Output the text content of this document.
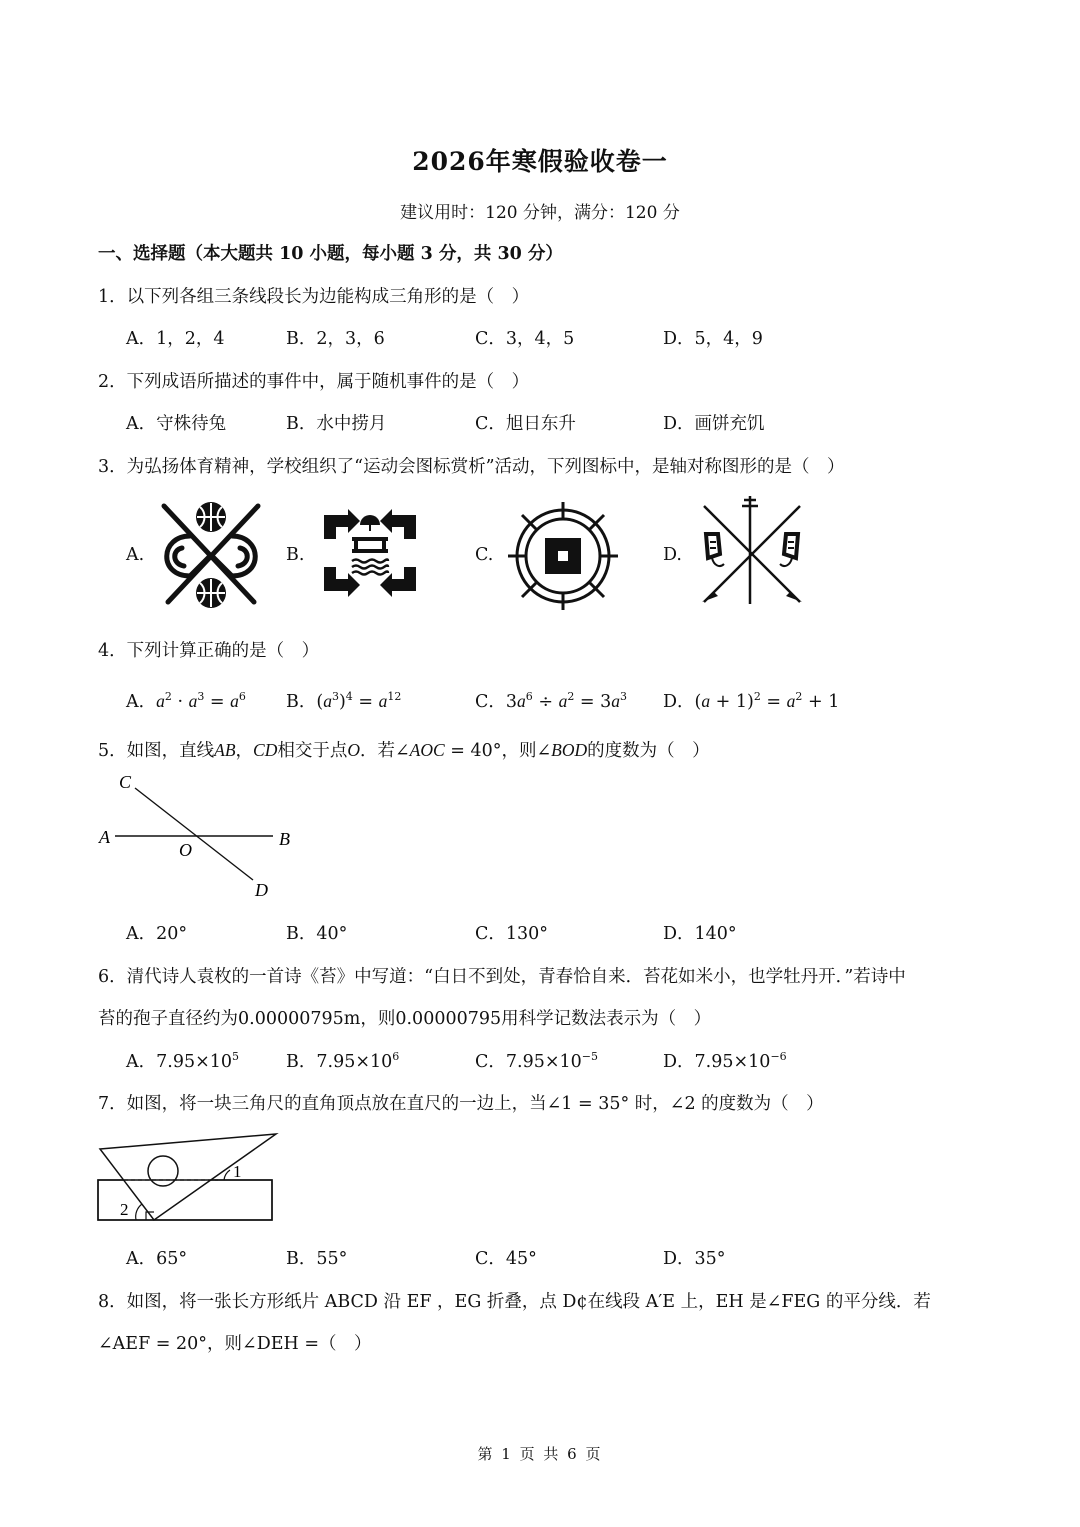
2026年寒假验收卷一
建议用时：120 分钟，满分：120 分
一、选择题（本大题共 10 小题，每小题 3 分，共 30 分）
1．以下列各组三条线段长为边能构成三角形的是（　）
A．1，2，4	B．2，3，6	C．3，4，5	D．5，4，9
2．下列成语所描述的事件中，属于随机事件的是（　）
A．守株待兔	B．水中捞月	C．旭日东升	D．画饼充饥
3．为弘扬体育精神，学校组织了“运动会图标赏析”活动，下列图标中，是轴对称图形的是（　）
A.	B.	C.	D.
4．下列计算正确的是（　）
A．$a^2 \cdot a^3 = a^6$ B．$(a^3)^4 = a^{12}$	C．$3a^6 \div a^2 = 3a^3$ D．$(a + 1)^2 = a^2 + 1$
5．如图，直线AB，CD相交于点O．若∠AOC = 40°，则∠BOD的度数为（　）
C
A	B
O
D
A．20°	B．40°	C．130°	D．140°
6．清代诗人袁枚的一首诗《苔》中写道：“白日不到处，青春恰自来．苔花如米小，也学牡丹开．”若诗中
苔的孢子直径约为0.00000795m，则0.00000795用科学记数法表示为（　）
A．$7.95\times 10^5$	B．$7.95\times 10^6$	C．$7.95\times 10^{-5}$	D．$7.95\times 10^{-6}$
7．如图，将一块三角尺的直角顶点放在直尺的一边上，当∠1 = 35° 时，∠2 的度数为（　）
1
2
A．65°	B．55°	C．45°	D．35°
8．如图，将一张长方形纸片 ABCD 沿 EF ，EG 折叠，点 D¢在线段 A′E 上，EH 是∠FEG 的平分线．若
∠AEF = 20°，则∠DEH =（　）
第 1 页 共 6 页
